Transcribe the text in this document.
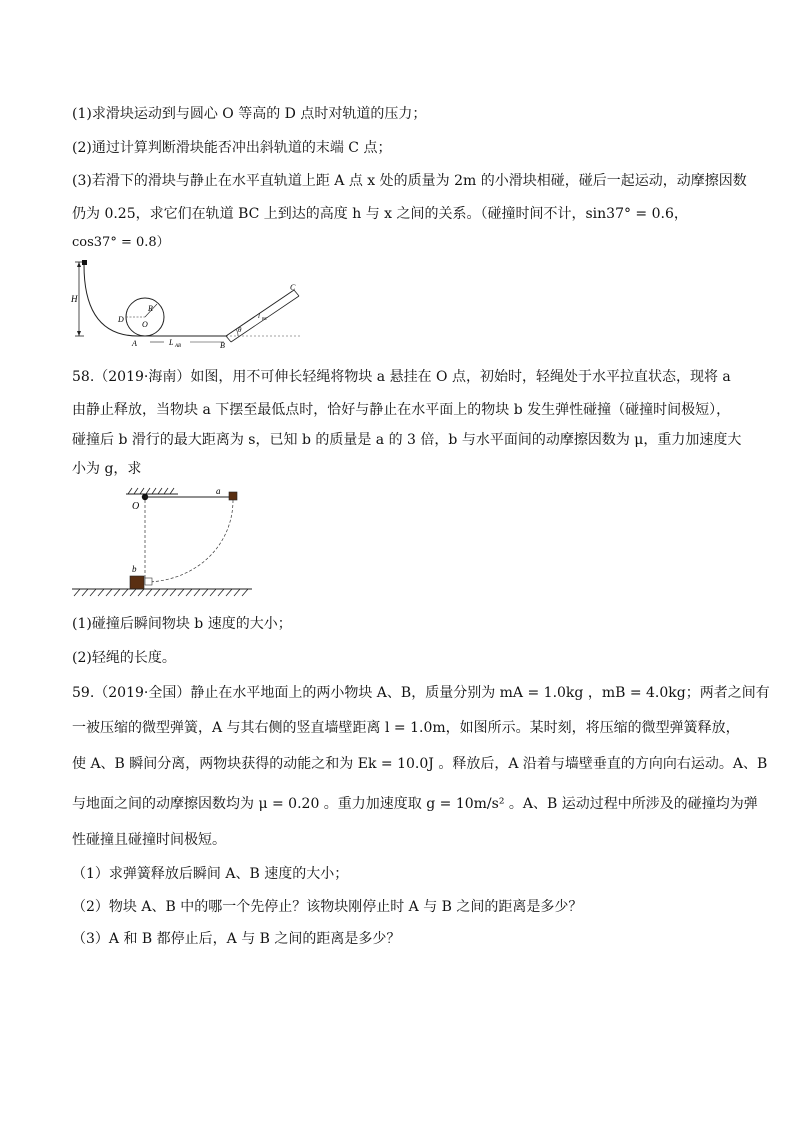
(1)求滑块运动到与圆心 O 等高的 D 点时对轨道的压力；
(2)通过计算判断滑块能否冲出斜轨道的末端 C 点；
(3)若滑下的滑块与静止在水平直轨道上距 A 点 x 处的质量为 2m 的小滑块相碰，碰后一起运动，动摩擦因数
仍为 0.25，求它们在轨道 BC 上到达的高度 h 与 x 之间的关系。（碰撞时间不计，sin37° = 0.6，
cos37° = 0.8）
H
D
O
R
A	L AB	B
θ
C
l BC
58.（2019·海南）如图，用不可伸长轻绳将物块 a 悬挂在 O 点，初始时，轻绳处于水平拉直状态，现将 a
由静止释放，当物块 a 下摆至最低点时，恰好与静止在水平面上的物块 b 发生弹性碰撞（碰撞时间极短），
碰撞后 b 滑行的最大距离为 s，已知 b 的质量是 a 的 3 倍，b 与水平面间的动摩擦因数为 μ，重力加速度大
小为 g，求
O
a
b
(1)碰撞后瞬间物块 b 速度的大小；
(2)轻绳的长度。
59.（2019·全国）静止在水平地面上的两小物块 A、B，质量分别为 mA = 1.0kg ，mB = 4.0kg；两者之间有
一被压缩的微型弹簧，A 与其右侧的竖直墙壁距离 l = 1.0m，如图所示。某时刻，将压缩的微型弹簧释放，
使 A、B 瞬间分离，两物块获得的动能之和为 Ek = 10.0J 。释放后，A 沿着与墙壁垂直的方向向右运动。A、B
与地面之间的动摩擦因数均为 μ = 0.20 。重力加速度取 g = 10m/s² 。A、B 运动过程中所涉及的碰撞均为弹
性碰撞且碰撞时间极短。
（1）求弹簧释放后瞬间 A、B 速度的大小；
（2）物块 A、B 中的哪一个先停止？该物块刚停止时 A 与 B 之间的距离是多少？
（3）A 和 B 都停止后，A 与 B 之间的距离是多少？
